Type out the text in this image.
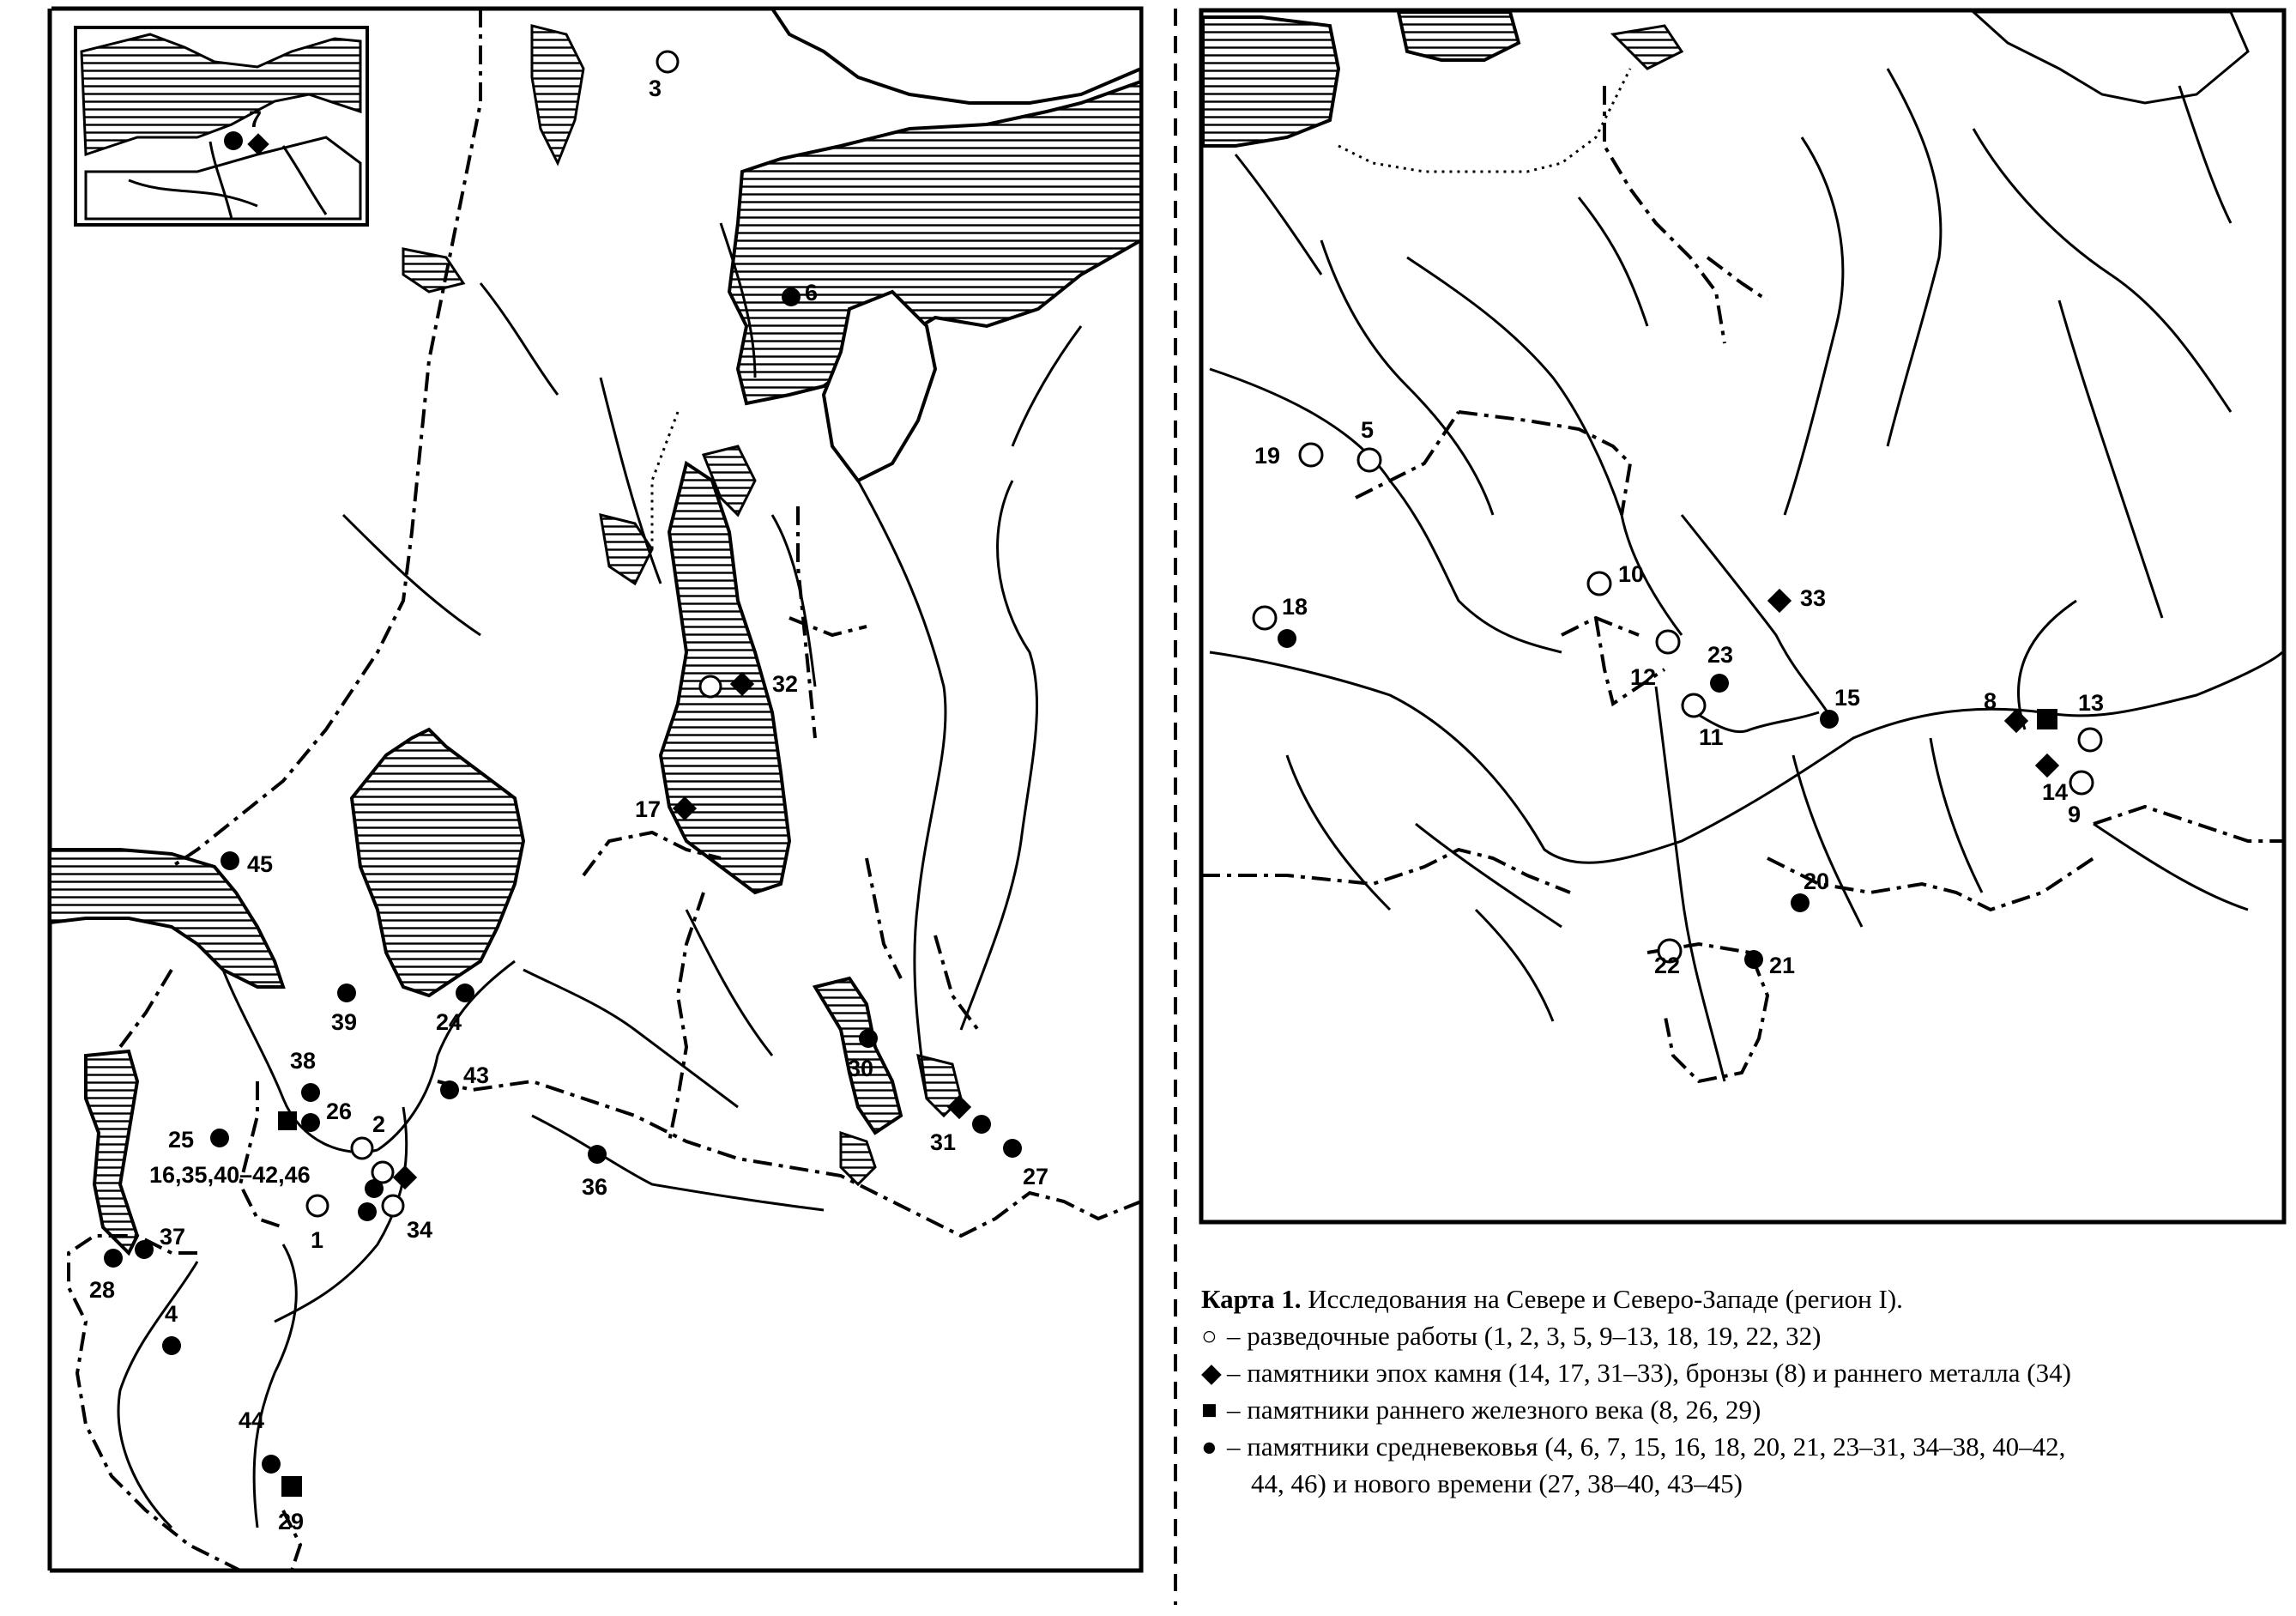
3
6
7
32
17
45
39	24
43
38
26
25
2
16,35,40–42,46
1	34
37
28
4
44
29
36
30
31
27
19
5
10
18
12
23
33
11
15	8	13
14
9
20
22	21
Карта 1. Исследования на Севере и Северо-Западе (регион I).
○ – разведочные работы (1, 2, 3, 5, 9–13, 18, 19, 22, 32)
◆ – памятники эпох камня (14, 17, 31–33), бронзы (8) и раннего металла (34)
■ – памятники раннего железного века (8, 26, 29)
● – памятники средневековья (4, 6, 7, 15, 16, 18, 20, 21, 23–31, 34–38, 40–42,
44, 46) и нового времени (27, 38–40, 43–45)
